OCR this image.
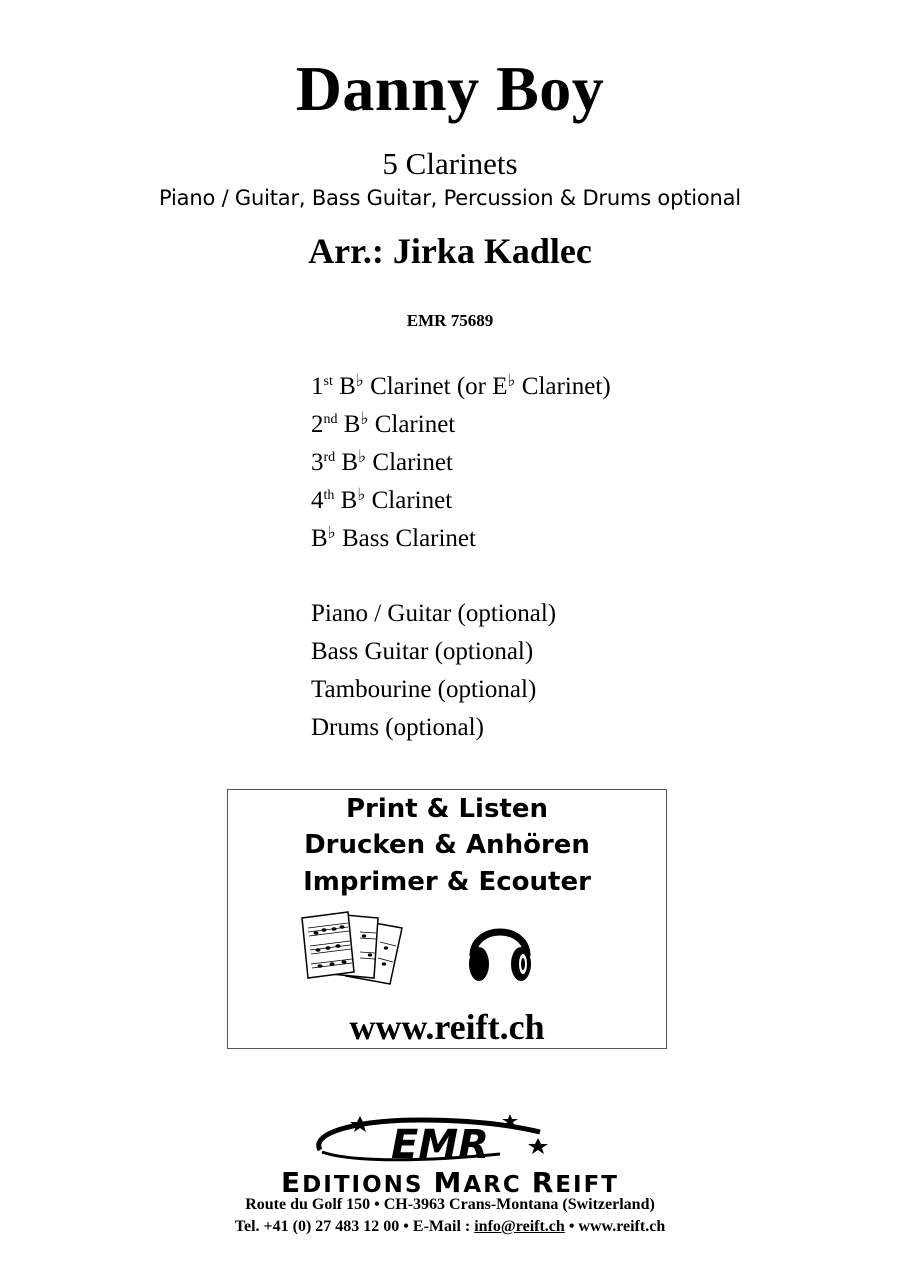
Danny Boy
5 Clarinets
Piano / Guitar, Bass Guitar, Percussion & Drums optional
Arr.: Jirka Kadlec
EMR 75689
1st B♭ Clarinet (or E♭ Clarinet)
2nd B♭ Clarinet
3rd B♭ Clarinet
4th B♭ Clarinet
B♭ Bass Clarinet
Piano / Guitar (optional)
Bass Guitar (optional)
Tambourine (optional)
Drums (optional)
Print & Listen
Drucken & Anhören
Imprimer & Ecouter
www.reift.ch
EMR
EDITIONS MARC REIFT
Route du Golf 150 • CH-3963 Crans-Montana (Switzerland)
Tel. +41 (0) 27 483 12 00 • E-Mail : info@reift.ch • www.reift.ch
